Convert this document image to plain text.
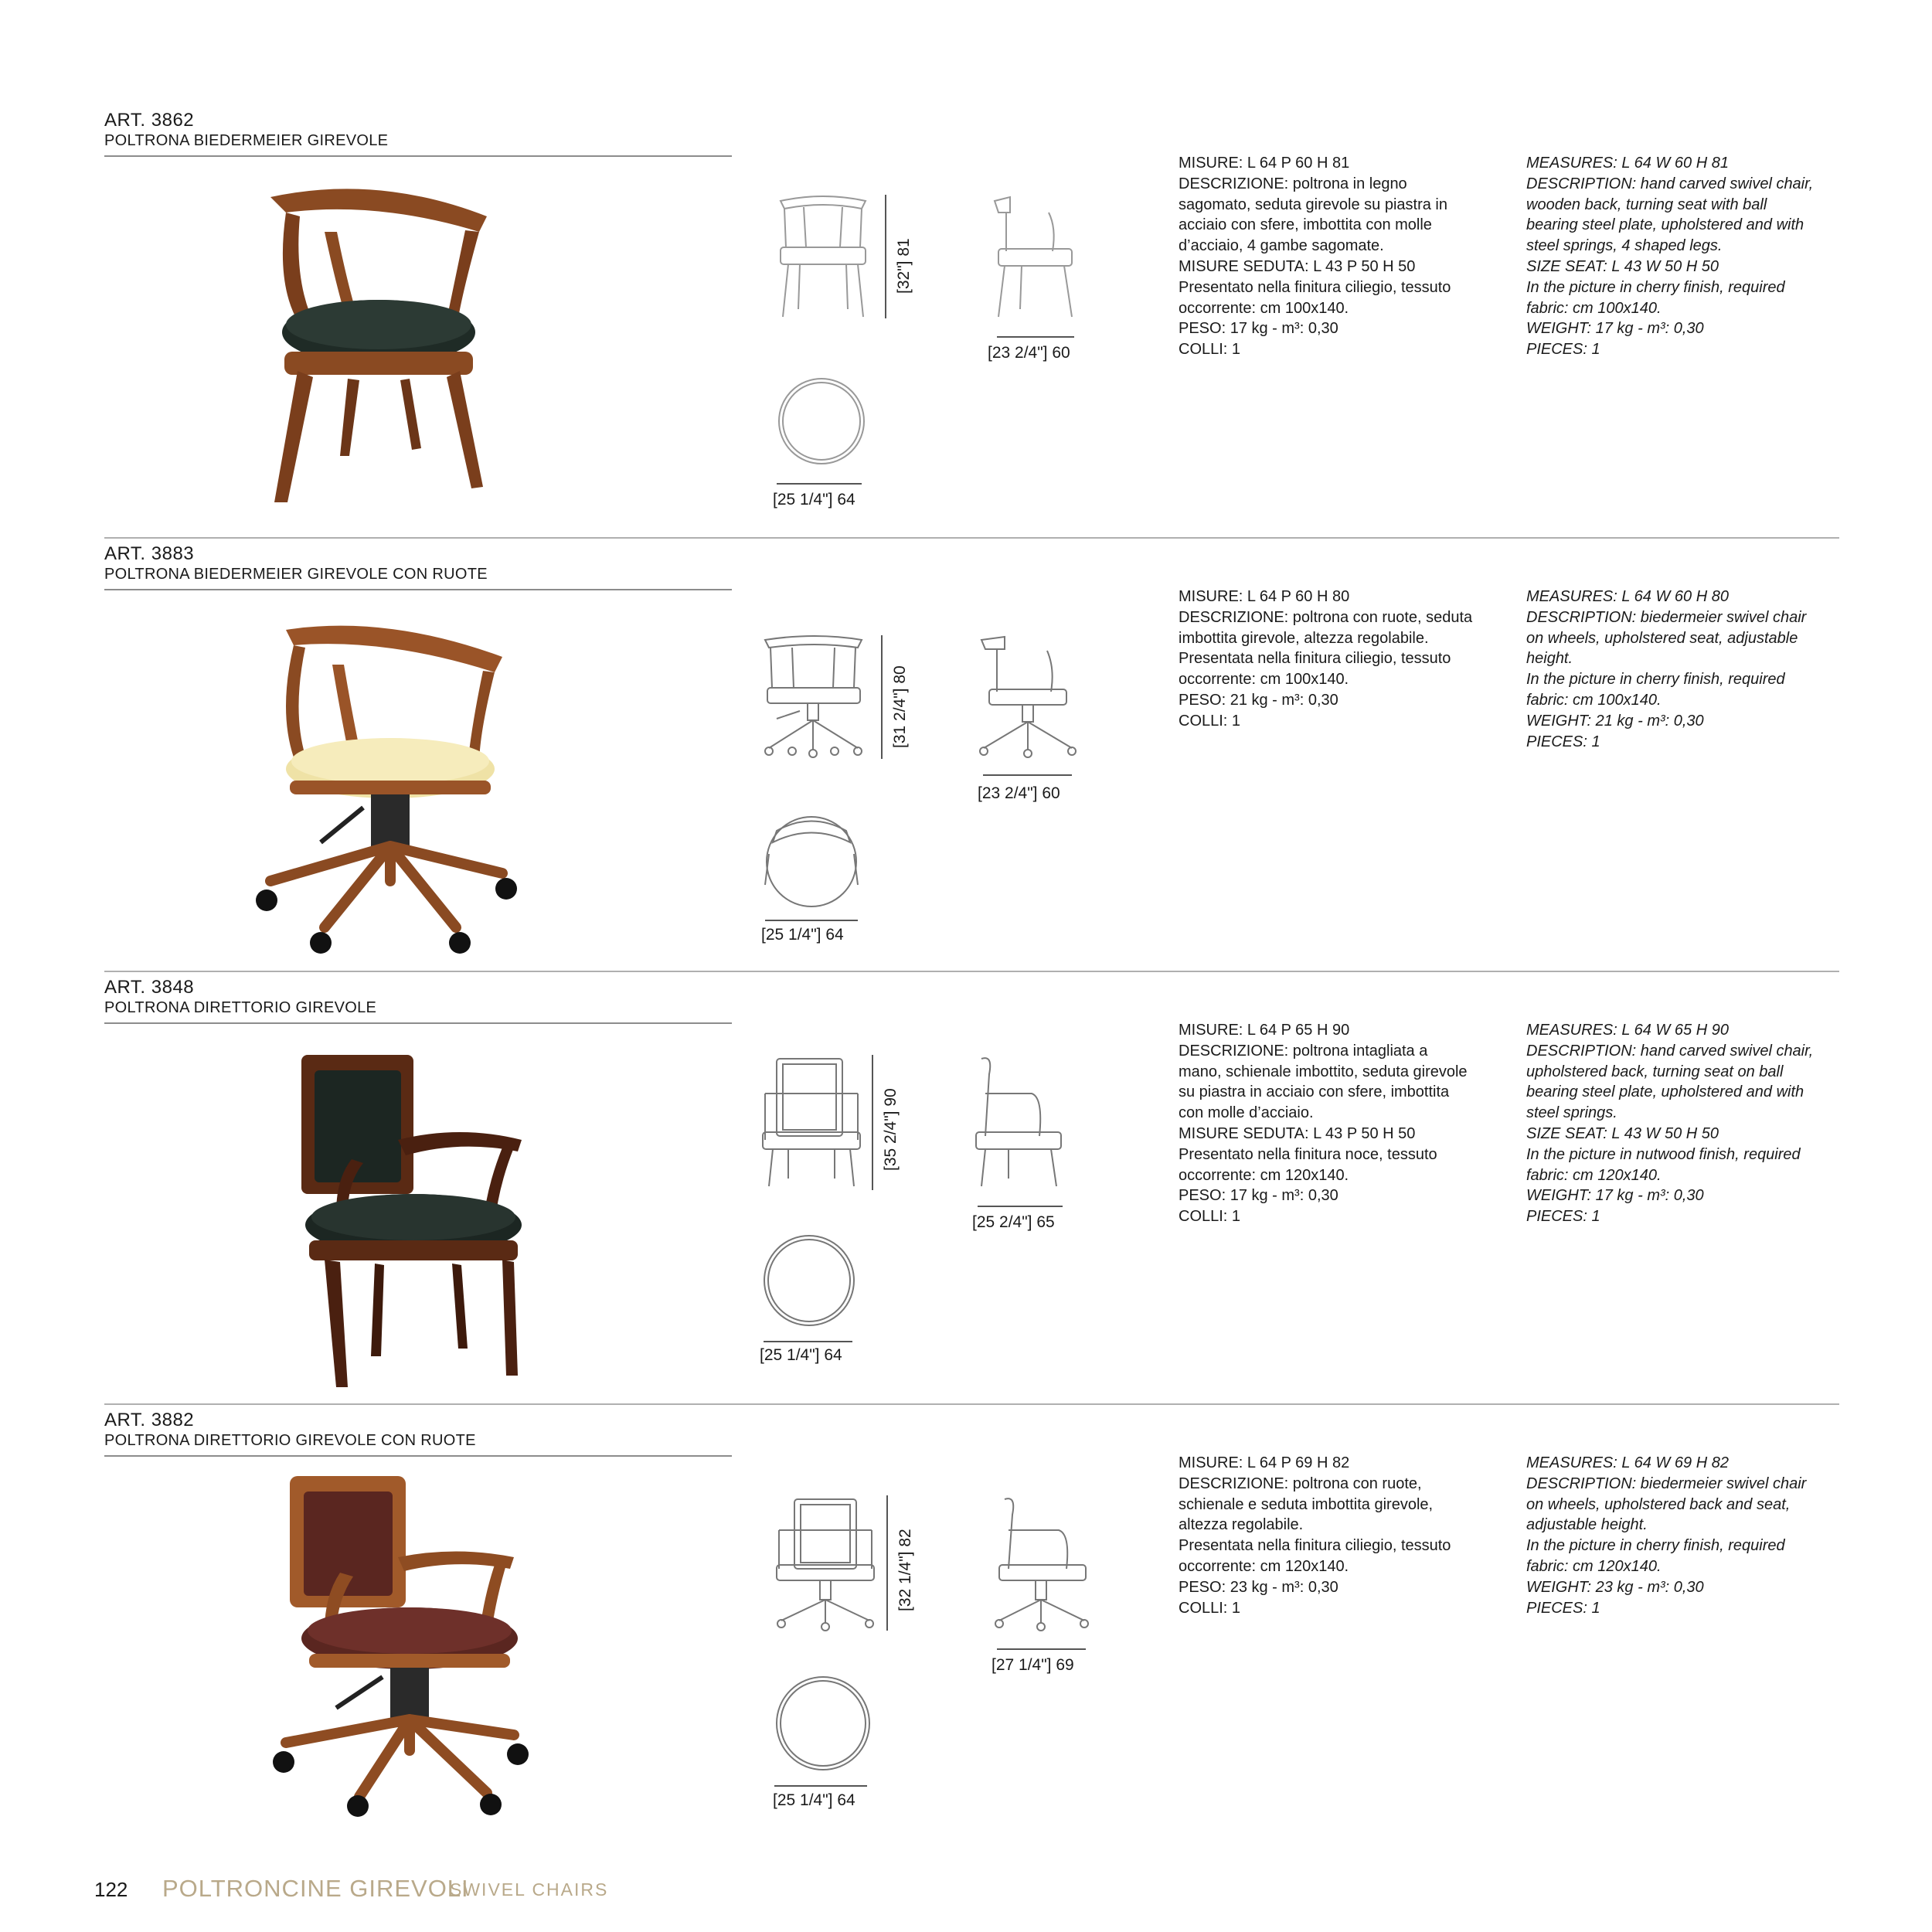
ART. 3862
POLTRONA BIEDERMEIER GIREVOLE
[32"] 81
[23 2/4"] 60
[25 1/4"] 64
MISURE: L 64 P 60 H 81
DESCRIZIONE: poltrona in legno
sagomato, seduta girevole su piastra in
acciaio con sfere, imbottita con molle
d’acciaio, 4 gambe sagomate.
MISURE SEDUTA: L 43 P 50 H 50
Presentato nella finitura ciliegio, tessuto
occorrente: cm 100x140.
PESO: 17 kg - m³: 0,30
COLLI: 1
MEASURES: L 64 W 60 H 81
DESCRIPTION: hand carved swivel chair,
wooden back, turning seat with ball
bearing steel plate, upholstered and with
steel springs, 4 shaped legs.
SIZE SEAT: L 43 W 50 H 50
In the picture in cherry finish, required
fabric: cm 100x140.
WEIGHT: 17 kg - m³: 0,30
PIECES: 1
ART. 3883
POLTRONA BIEDERMEIER GIREVOLE CON RUOTE
[31 2/4"] 80
[23 2/4"] 60
[25 1/4"] 64
MISURE: L 64 P 60 H 80
DESCRIZIONE: poltrona con ruote, seduta
imbottita girevole, altezza regolabile.
Presentata nella finitura ciliegio, tessuto
occorrente: cm 100x140.
PESO: 21 kg - m³: 0,30
COLLI: 1
MEASURES: L 64 W 60 H 80
DESCRIPTION: biedermeier swivel chair
on wheels, upholstered seat, adjustable
height.
In the picture in cherry finish, required
fabric: cm 100x140.
WEIGHT: 21 kg - m³: 0,30
PIECES: 1
ART. 3848
POLTRONA DIRETTORIO GIREVOLE
[35 2/4"] 90
[25 2/4"] 65
[25 1/4"] 64
MISURE: L 64 P 65 H 90
DESCRIZIONE: poltrona intagliata a
mano, schienale imbottito, seduta girevole
su piastra in acciaio con sfere, imbottita
con molle d’acciaio.
MISURE SEDUTA: L 43 P 50 H 50
Presentato nella finitura noce, tessuto
occorrente: cm 120x140.
PESO: 17 kg - m³: 0,30
COLLI: 1
MEASURES: L 64 W 65 H 90
DESCRIPTION: hand carved swivel chair,
upholstered back, turning seat on ball
bearing steel plate, upholstered and with
steel springs.
SIZE SEAT: L 43 W 50 H 50
In the picture in nutwood finish, required
fabric: cm 120x140.
WEIGHT: 17 kg - m³: 0,30
PIECES: 1
ART. 3882
POLTRONA DIRETTORIO GIREVOLE CON RUOTE
[32 1/4"] 82
[27 1/4"] 69
[25 1/4"] 64
MISURE: L 64 P 69 H 82
DESCRIZIONE: poltrona con ruote,
schienale e seduta imbottita girevole,
altezza regolabile.
Presentata nella finitura ciliegio, tessuto
occorrente: cm 120x140.
PESO: 23 kg - m³: 0,30
COLLI: 1
MEASURES: L 64 W 69 H 82
DESCRIPTION: biedermeier swivel chair
on wheels, upholstered back and seat,
adjustable height.
In the picture in cherry finish, required
fabric: cm 120x140.
WEIGHT: 23 kg - m³: 0,30
PIECES: 1
122 POLTRONCINE GIREVOLI
SWIVEL CHAIRS
